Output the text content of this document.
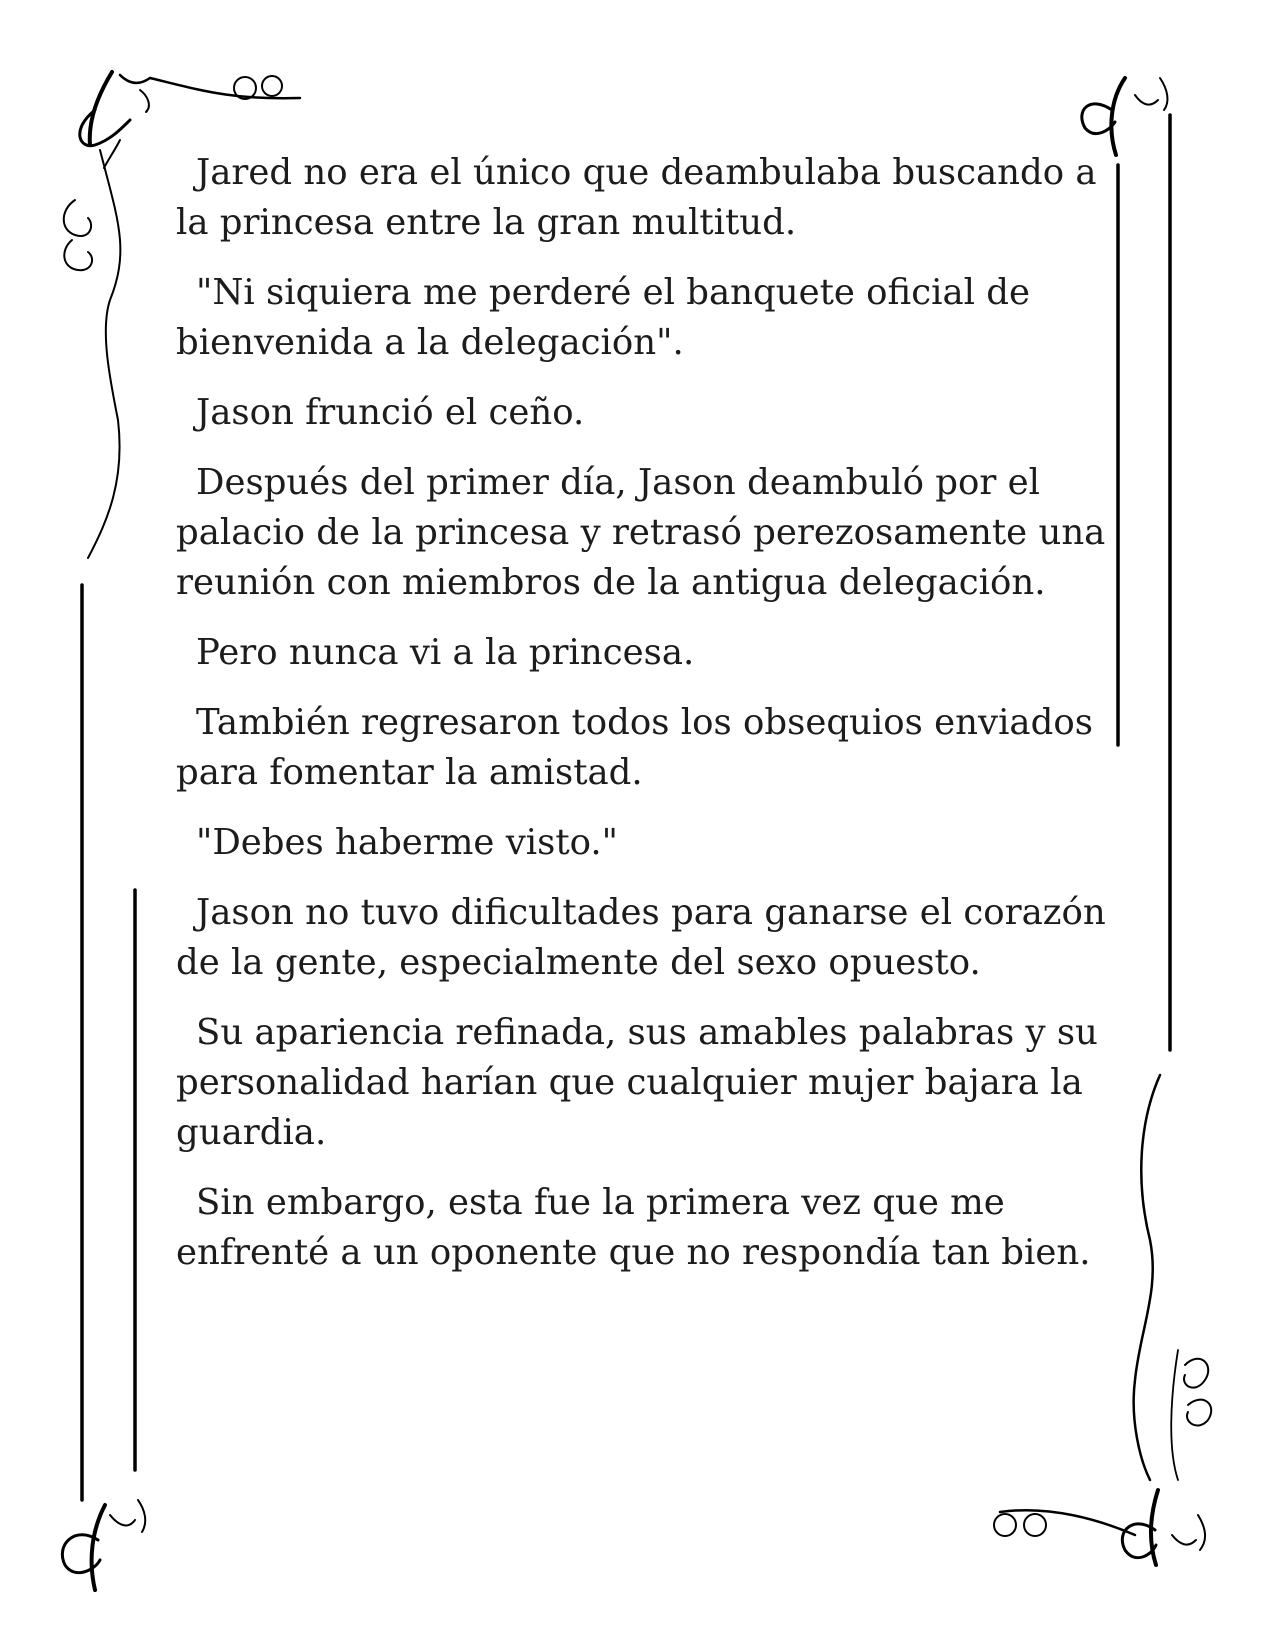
Jared no era el único que deambulaba buscando a la princesa entre la gran multitud.

"Ni siquiera me perderé el banquete oficial de bienvenida a la delegación".

Jason frunció el ceño.

Después del primer día, Jason deambuló por el palacio de la princesa y retrasó perezosamente una reunión con miembros de la antigua delegación.

Pero nunca vi a la princesa.

También regresaron todos los obsequios enviados para fomentar la amistad.

"Debes haberme visto."

Jason no tuvo dificultades para ganarse el corazón de la gente, especialmente del sexo opuesto.

Su apariencia refinada, sus amables palabras y su personalidad harían que cualquier mujer bajara la guardia.

Sin embargo, esta fue la primera vez que me enfrenté a un oponente que no respondía tan bien.
